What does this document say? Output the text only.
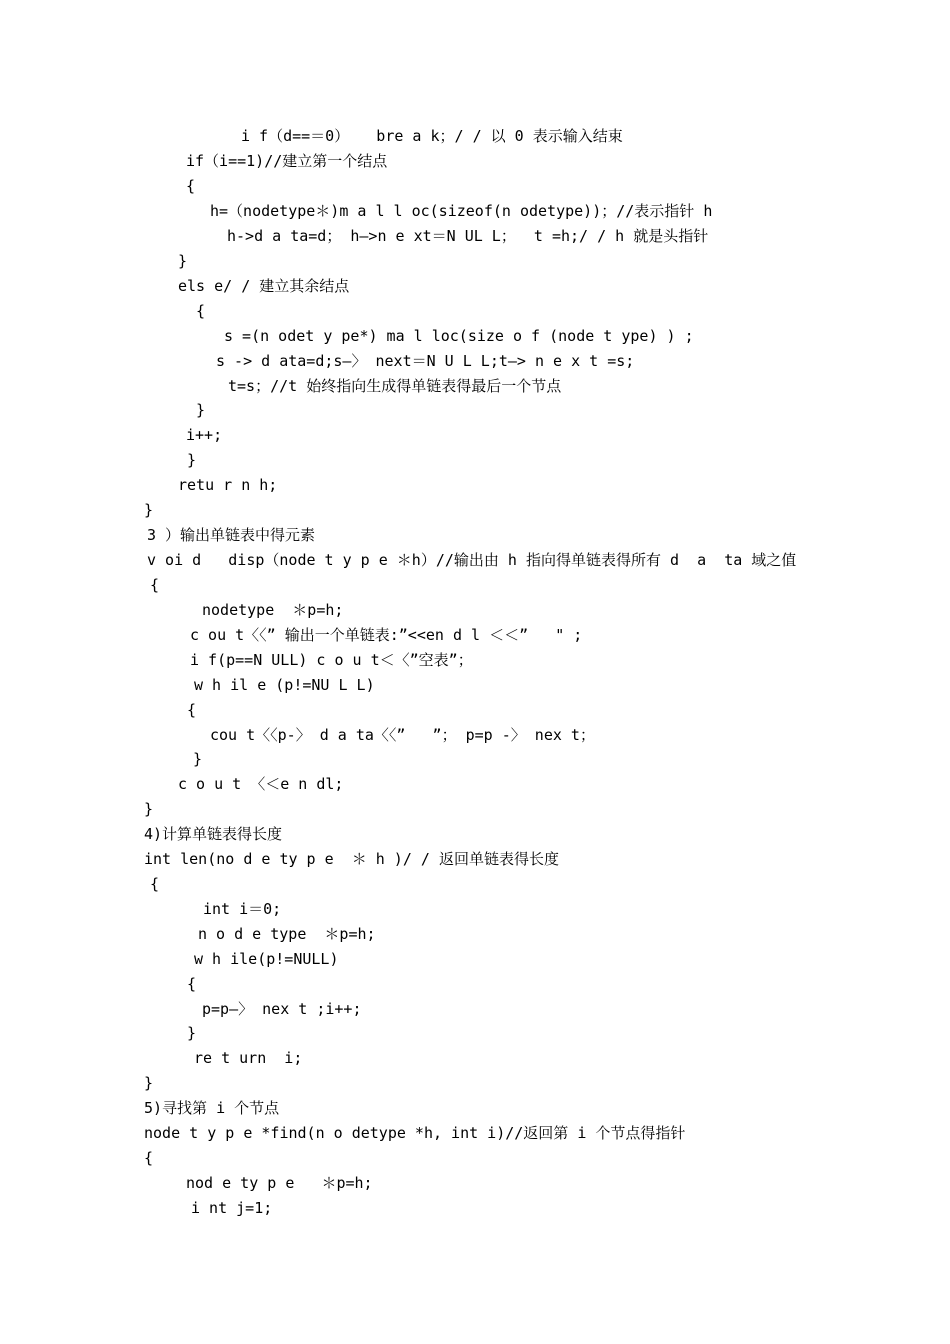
i f（d==＝0）   bre a k；/ / 以 0 表示输入结束
if（i==1)//建立第一个结点
{
h=（nodetype＊)m a l l oc(sizeof(n odetype))；//表示指针 h
h->d a ta=d； h—>n e xt＝N UL L；  t =h;/ / h 就是头指针
}
els e/ / 建立其余结点
{
s =(n odet y pe*) ma l loc(size o f (node t ype) ) ;
s -> d ata=d;s—〉 next＝N U L L;t—> n e x t =s;
t=s；//t 始终指向生成得单链表得最后一个节点
}
i++;
}
retu r n h;
}
3 ）输出单链表中得元素
v oi d   disp（node t y p e ＊h）//输出由 h 指向得单链表得所有 d  a  ta 域之值
{
nodetype  ＊p=h;
c ou t〈〈” 输出一个单链表:”<<en d l ＜＜”   " ;
i f(p==N ULL) c o u t＜〈”空表”；
w h il e (p!=NU L L)
{
cou t〈〈p-〉 d a ta〈〈”   ”； p=p -〉 nex t；
}
c o u t 〈＜e n dl;
}
4)计算单链表得长度
int len(no d e ty p e  ＊ h )/ / 返回单链表得长度
{
int i＝0;
n o d e type  ＊p=h;
w h ile(p!=NULL)
{
p=p—〉 nex t ;i++;
}
re t urn  i;
}
5)寻找第 i 个节点
node t y p e *find(n o detype *h, int i)//返回第 i 个节点得指针
{
nod e ty p e   ＊p=h;
i nt j=1;
